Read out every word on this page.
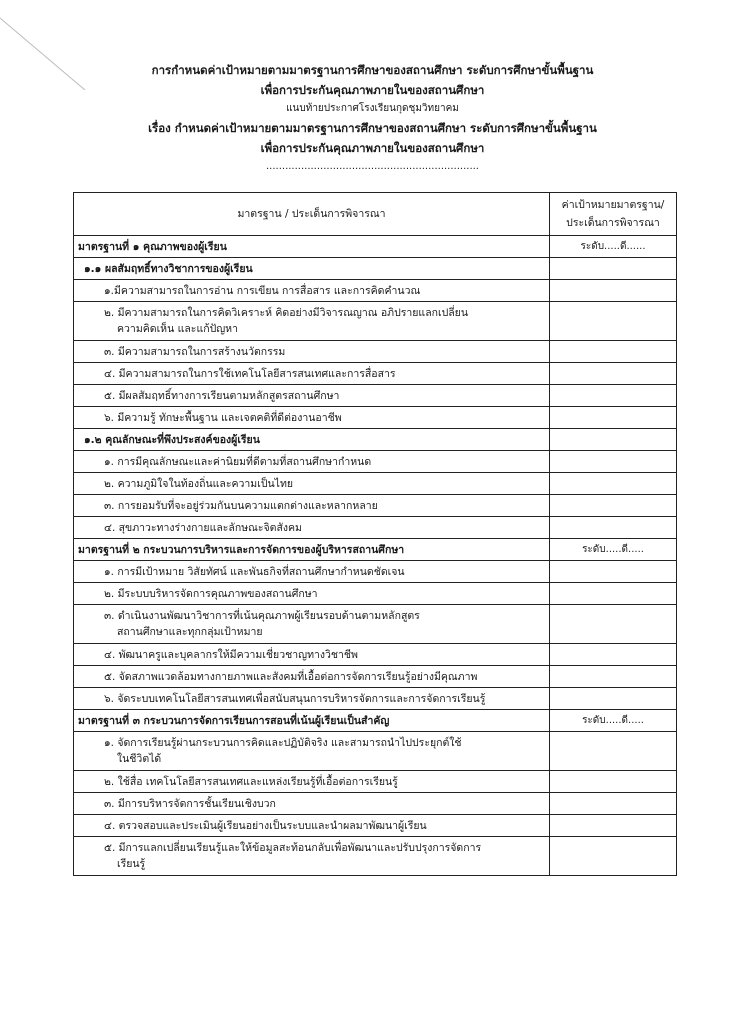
การกำหนดค่าเป้าหมายตามมาตรฐานการศึกษาของสถานศึกษา ระดับการศึกษาขั้นพื้นฐาน
เพื่อการประกันคุณภาพภายในของสถานศึกษา
แนบท้ายประกาศโรงเรียนกุดชุมวิทยาคม
เรื่อง กำหนดค่าเป้าหมายตามมาตรฐานการศึกษาของสถานศึกษา ระดับการศึกษาขั้นพื้นฐาน
เพื่อการประกันคุณภาพภายในของสถานศึกษา
...................................................................
มาตรฐาน / ประเด็นการพิจารณา	ค่าเป้าหมายมาตรฐาน/
ประเด็นการพิจารณา

มาตรฐานที่ ๑ คุณภาพของผู้เรียน	ระดับ.....ดี......
๑.๑ ผลสัมฤทธิ์ทางวิชาการของผู้เรียน	
๑.มีความสามารถในการอ่าน การเขียน การสื่อสาร และการคิดคำนวณ	

๒. มีความสามารถในการคิดวิเคราะห์ คิดอย่างมีวิจารณญาณ อภิปรายแลกเปลี่ยน
ความคิดเห็น และแก้ปัญหา	

๓. มีความสามารถในการสร้างนวัตกรรม	
๔. มีความสามารถในการใช้เทคโนโลยีสารสนเทศและการสื่อสาร	
๕. มีผลสัมฤทธิ์ทางการเรียนตามหลักสูตรสถานศึกษา	
๖. มีความรู้ ทักษะพื้นฐาน และเจตคติที่ดีต่องานอาชีพ	
๑.๒ คุณลักษณะที่พึงประสงค์ของผู้เรียน	
๑. การมีคุณลักษณะและค่านิยมที่ดีตามที่สถานศึกษากำหนด	
๒. ความภูมิใจในท้องถิ่นและความเป็นไทย	
๓. การยอมรับที่จะอยู่ร่วมกันบนความแตกต่างและหลากหลาย	
๔. สุขภาวะทางร่างกายและลักษณะจิตสังคม	
มาตรฐานที่ ๒ กระบวนการบริหารและการจัดการของผู้บริหารสถานศึกษา	ระดับ.....ดี.....
๑. การมีเป้าหมาย วิสัยทัศน์ และพันธกิจที่สถานศึกษากำหนดชัดเจน	
๒. มีระบบบริหารจัดการคุณภาพของสถานศึกษา	

๓. ดำเนินงานพัฒนาวิชาการที่เน้นคุณภาพผู้เรียนรอบด้านตามหลักสูตร
สถานศึกษาและทุกกลุ่มเป้าหมาย	

๔. พัฒนาครูและบุคลากรให้มีความเชี่ยวชาญทางวิชาชีพ	
๕. จัดสภาพแวดล้อมทางกายภาพและสังคมที่เอื้อต่อการจัดการเรียนรู้อย่างมีคุณภาพ	
๖. จัดระบบเทคโนโลยีสารสนเทศเพื่อสนับสนุนการบริหารจัดการและการจัดการเรียนรู้	
มาตรฐานที่ ๓ กระบวนการจัดการเรียนการสอนที่เน้นผู้เรียนเป็นสำคัญ	ระดับ.....ดี.....

๑. จัดการเรียนรู้ผ่านกระบวนการคิดและปฏิบัติจริง และสามารถนำไปประยุกต์ใช้
ในชีวิตได้	

๒. ใช้สื่อ เทคโนโลยีสารสนเทศและแหล่งเรียนรู้ที่เอื้อต่อการเรียนรู้	
๓. มีการบริหารจัดการชั้นเรียนเชิงบวก	
๔. ตรวจสอบและประเมินผู้เรียนอย่างเป็นระบบและนำผลมาพัฒนาผู้เรียน	

๕. มีการแลกเปลี่ยนเรียนรู้และให้ข้อมูลสะท้อนกลับเพื่อพัฒนาและปรับปรุงการจัดการ
เรียนรู้	
